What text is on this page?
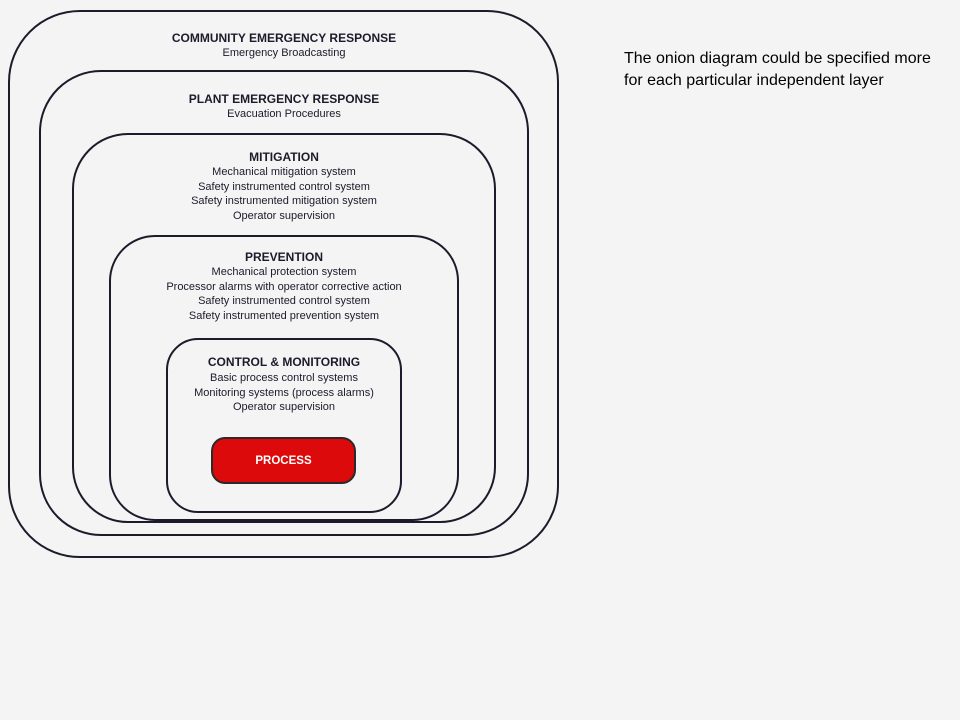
COMMUNITY EMERGENCY RESPONSE
Emergency Broadcasting
PLANT EMERGENCY RESPONSE
Evacuation Procedures
MITIGATION
Mechanical mitigation system
Safety instrumented control system
Safety instrumented mitigation system
Operator supervision
PREVENTION
Mechanical protection system
Processor alarms with operator corrective action
Safety instrumented control system
Safety instrumented prevention system
CONTROL & MONITORING
Basic process control systems
Monitoring systems (process alarms)
Operator supervision
PROCESS
The onion diagram could be specified more for each particular independent layer
